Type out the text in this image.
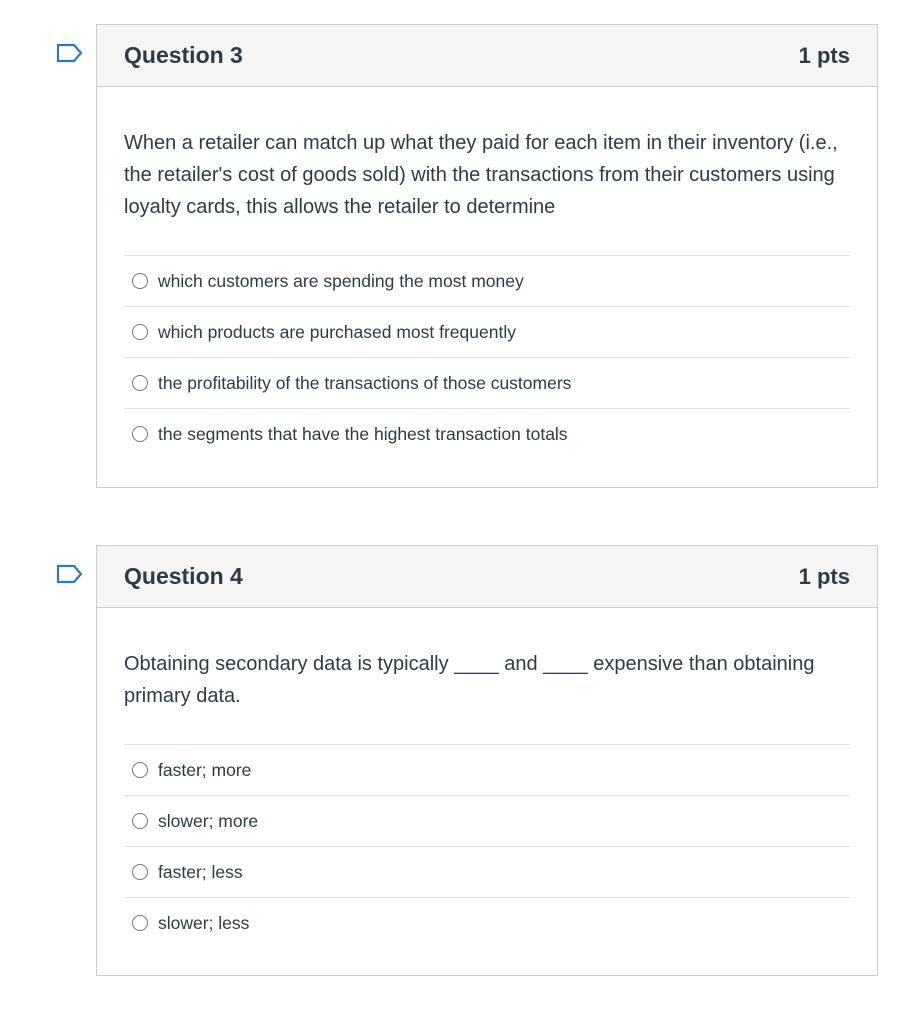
Question 3	1 pts

When a retailer can match up what they paid for each item in their inventory (i.e., the retailer's cost of goods sold) with the transactions from their customers using loyalty cards, this allows the retailer to determine

which customers are spending the most money
which products are purchased most frequently
the profitability of the transactions of those customers
the segments that have the highest transaction totals
Question 4	1 pts

Obtaining secondary data is typically ____ and ____ expensive than obtaining primary data.

faster; more
slower; more
faster; less
slower; less
